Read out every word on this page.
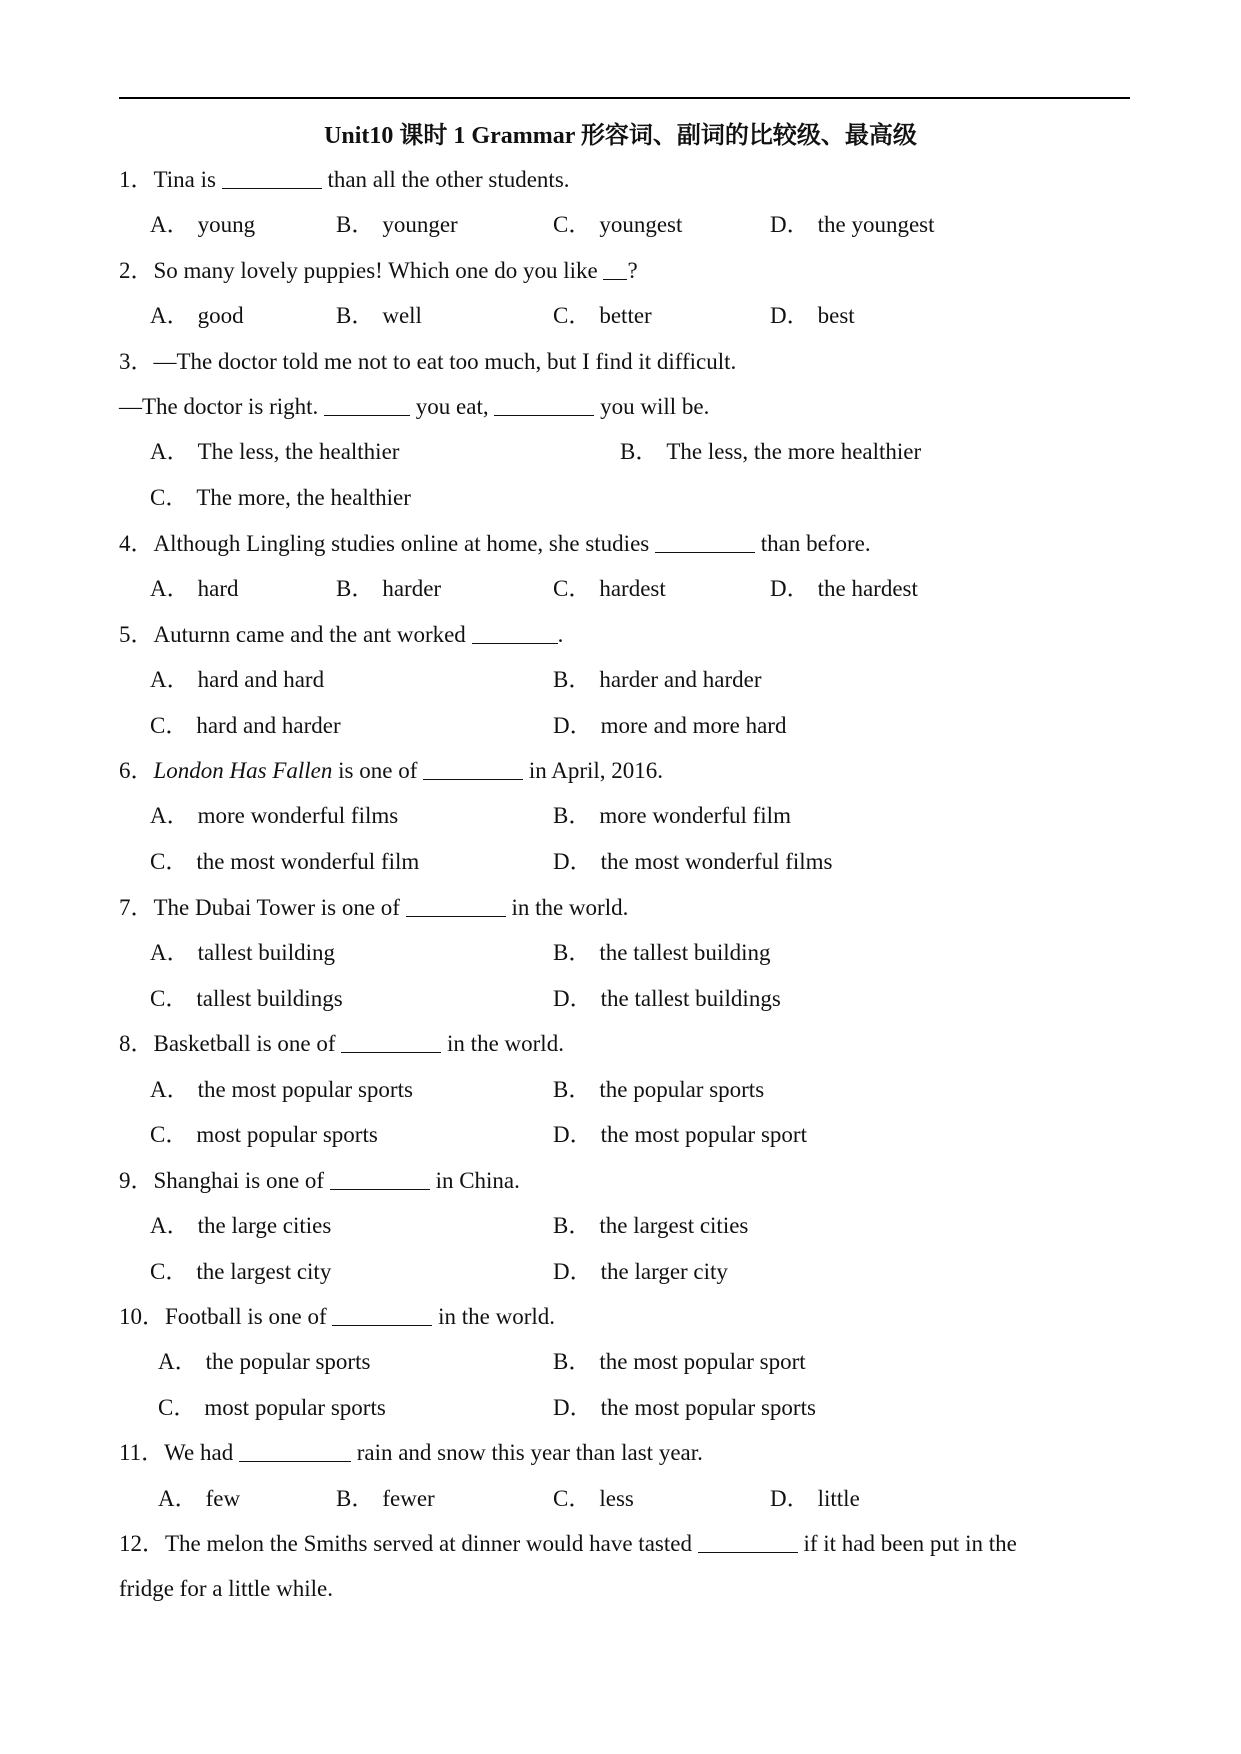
Unit10 课时 1 Grammar 形容词、副词的比较级、最高级
1．Tina is	than all the other students.
A． young	B． younger	C． youngest	D． the youngest
2．So many lovely puppies! Which one do you like ?
A． good	B． well	C． better	D． best
3．—The doctor told me not to eat too much, but I find it difficult.
—The doctor is right.	you eat,	you will be.
A． The less, the healthier	B． The less, the more healthier
C． The more, the healthier
4．Although Lingling studies online at home, she studies	than before.
A． hard	B． harder	C． hardest	D． the hardest
5．Auturnn came and the ant worked	.
A． hard and hard	B． harder and harder
C． hard and harder	D． more and more hard
6．London Has Fallen is one of	in April, 2016.
A． more wonderful films	B． more wonderful film
C． the most wonderful film	D． the most wonderful films
7．The Dubai Tower is one of	in the world.
A． tallest building	B． the tallest building
C． tallest buildings	D． the tallest buildings
8．Basketball is one of	in the world.
A． the most popular sports	B． the popular sports
C． most popular sports	D． the most popular sport
9．Shanghai is one of	in China.
A． the large cities	B． the largest cities
C． the largest city	D． the larger city
10．Football is one of	in the world.
A． the popular sports	B． the most popular sport
C． most popular sports	D． the most popular sports
11．We had	rain and snow this year than last year.
A． few	B． fewer	C． less	D． little
12．The melon the Smiths served at dinner would have tasted	if it had been put in the
fridge for a little while.
